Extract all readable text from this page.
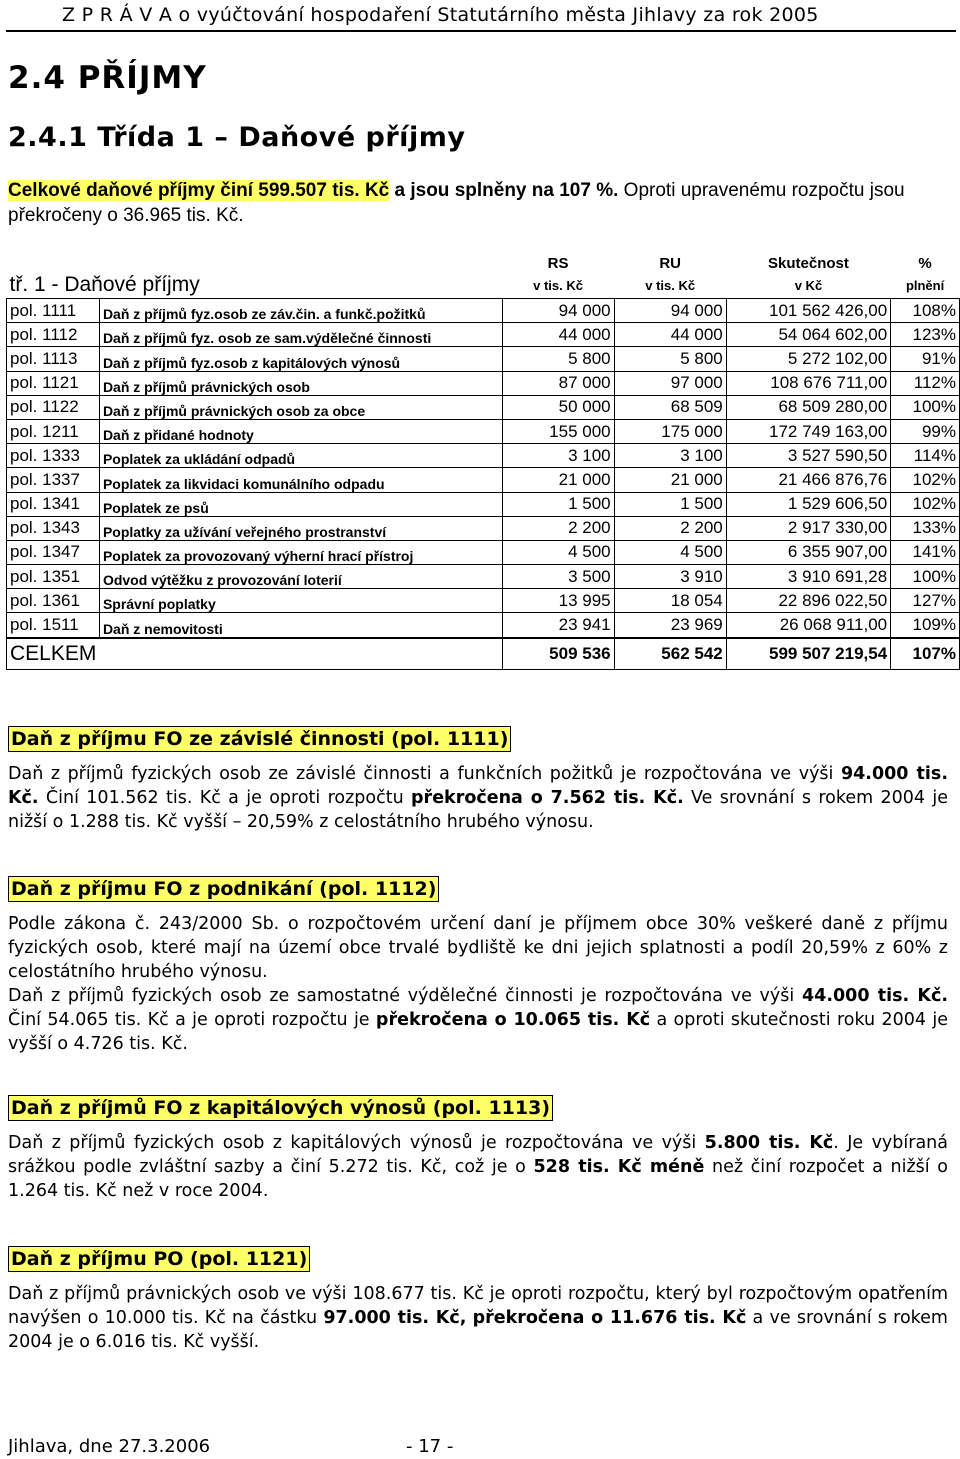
Z P R Á V A o vyúčtování hospodaření Statutárního města Jihlavy za rok 2005
2.4 PŘÍJMY
2.4.1 Třída 1 – Daňové příjmy
Celkové daňové příjmy činí 599.507 tis. Kč a jsou splněny na 107 %. Oproti upravenému rozpočtu jsou překročeny o 36.965 tis. Kč.
		RS	RU	Skutečnost	%
tř. 1 - Daňové příjmy		v tis. Kč	v tis. Kč	v Kč	plnění
pol. 1111	Daň z příjmů fyz.osob ze záv.čin. a funkč.požitků	94 000	94 000	101 562 426,00	108%
pol. 1112	Daň z příjmů fyz. osob ze sam.výdělečné činnosti	44 000	44 000	54 064 602,00	123%
pol. 1113	Daň z příjmů fyz.osob z kapitálových výnosů	5 800	5 800	5 272 102,00	91%
pol. 1121	Daň z příjmů právnických osob	87 000	97 000	108 676 711,00	112%
pol. 1122	Daň z příjmů právnických osob za obce	50 000	68 509	68 509 280,00	100%
pol. 1211	Daň z přidané hodnoty	155 000	175 000	172 749 163,00	99%
pol. 1333	Poplatek za ukládání odpadů	3 100	3 100	3 527 590,50	114%
pol. 1337	Poplatek za likvidaci komunálního odpadu	21 000	21 000	21 466 876,76	102%
pol. 1341	Poplatek ze psů	1 500	1 500	1 529 606,50	102%
pol. 1343	Poplatky za užívání veřejného prostranství	2 200	2 200	2 917 330,00	133%
pol. 1347	Poplatek za provozovaný výherní hrací přístroj	4 500	4 500	6 355 907,00	141%
pol. 1351	Odvod výtěžku z provozování loterií	3 500	3 910	3 910 691,28	100%
pol. 1361	Správní poplatky	13 995	18 054	22 896 022,50	127%
pol. 1511	Daň z nemovitosti	23 941	23 969	26 068 911,00	109%
CELKEM		509 536	562 542	599 507 219,54	107%
Daň z příjmu FO ze závislé činnosti (pol. 1111)

Daň z příjmů fyzických osob ze závislé činnosti a funkčních požitků je rozpočtována ve výši 94.000 tis. Kč. Činí 101.562 tis. Kč a je oproti rozpočtu překročena o 7.562 tis. Kč. Ve srovnání s rokem 2004 je nižší o 1.288 tis. Kč vyšší – 20,59% z celostátního hrubého výnosu.

Daň z příjmu FO z podnikání (pol. 1112)

Podle zákona č. 243/2000 Sb. o rozpočtovém určení daní je příjmem obce 30% veškeré daně z příjmu fyzických osob, které mají na území obce trvalé bydliště ke dni jejich splatnosti a podíl 20,59% z 60% z celostátního hrubého výnosu.

Daň z příjmů fyzických osob ze samostatné výdělečné činnosti je rozpočtována ve výši 44.000 tis. Kč. Činí 54.065 tis. Kč a je oproti rozpočtu je překročena o 10.065 tis. Kč a oproti skutečnosti roku 2004 je vyšší o 4.726 tis. Kč.

Daň z příjmů FO z kapitálových výnosů (pol. 1113)

Daň z příjmů fyzických osob z kapitálových výnosů je rozpočtována ve výši 5.800 tis. Kč. Je vybíraná srážkou podle zvláštní sazby a činí 5.272 tis. Kč, což je o 528 tis. Kč méně než činí rozpočet a nižší o 1.264 tis. Kč než v roce 2004.

Daň z příjmu PO (pol. 1121)

Daň z příjmů právnických osob ve výši 108.677 tis. Kč je oproti rozpočtu, který byl rozpočtovým opatřením navýšen o 10.000 tis. Kč na částku 97.000 tis. Kč, překročena o 11.676 tis. Kč a ve srovnání s rokem 2004 je o 6.016 tis. Kč vyšší.

Jihlava, dne 27.3.2006	- 17 -
